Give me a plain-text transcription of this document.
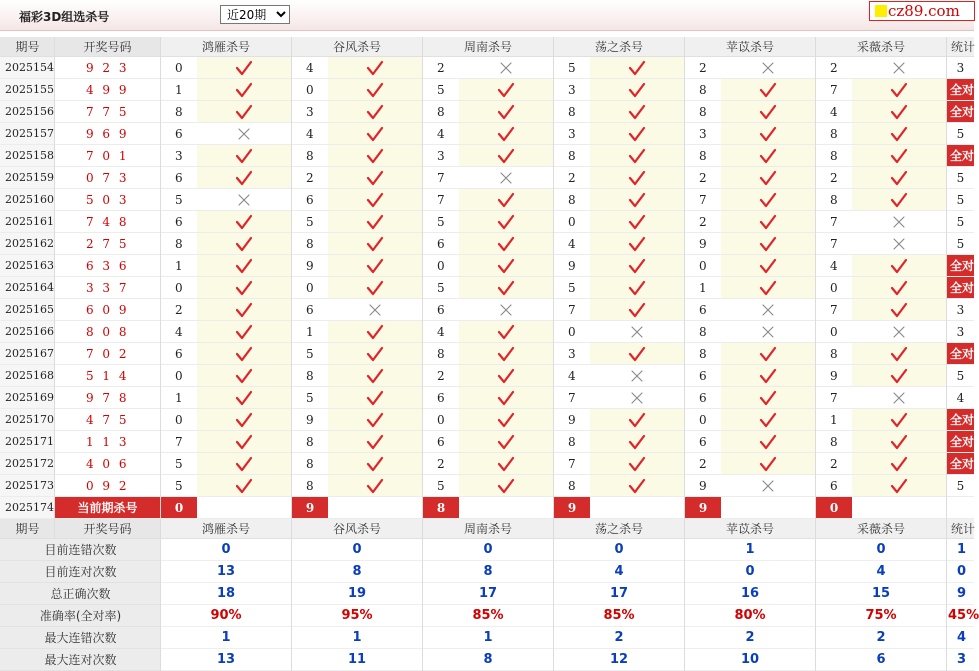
福彩3D组选杀号
近20期	cz89.com
期号	开奖号码	鸿雁杀号	谷风杀号	周南杀号	荡之杀号	苹苡杀号	采薇杀号	统计
2025154	9 2 3	0	4	2	5	2	2	3
2025155	4 9 9	1	0	5	3	8	7	全对
2025156	7 7 5	8	3	8	8	8	4	全对
2025157	9 6 9	6	4	4	3	3	8	5
2025158	7 0 1	3	8	3	8	8	8	全对
2025159	0 7 3	6	2	7	2	2	2	5
2025160	5 0 3	5	6	7	8	7	8	5
2025161	7 4 8	6	5	5	0	2	7	5
2025162	2 7 5	8	8	6	4	9	7	5
2025163	6 3 6	1	9	0	9	0	4	全对
2025164	3 3 7	0	0	5	5	1	0	全对
2025165	6 0 9	2	6	6	7	6	7	3
2025166	8 0 8	4	1	4	0	8	0	3
2025167	7 0 2	6	5	8	3	8	8	全对
2025168	5 1 4	0	8	2	4	6	9	5
2025169	9 7 8	1	5	6	7	6	7	4
2025170	4 7 5	0	9	0	9	0	1	全对
2025171	1 1 3	7	8	6	8	6	8	全对
2025172	4 0 6	5	8	2	7	2	2	全对
2025173	0 9 2	5	8	5	8	9	6	5
2025174	当前期杀号	0	9	8	9	9	0
期号	开奖号码	鸿雁杀号	谷风杀号	周南杀号	荡之杀号	苹苡杀号	采薇杀号	统计
目前连错次数	0	0	0	0	1	0	1
目前连对次数	13	8	8	4	0	4	0
总正确次数	18	19	17	17	16	15	9
准确率(全对率)	90%	95%	85%	85%	80%	75%	45%
最大连错次数	1	1	1	2	2	2	4
最大连对次数	13	11	8	12	10	6	3
